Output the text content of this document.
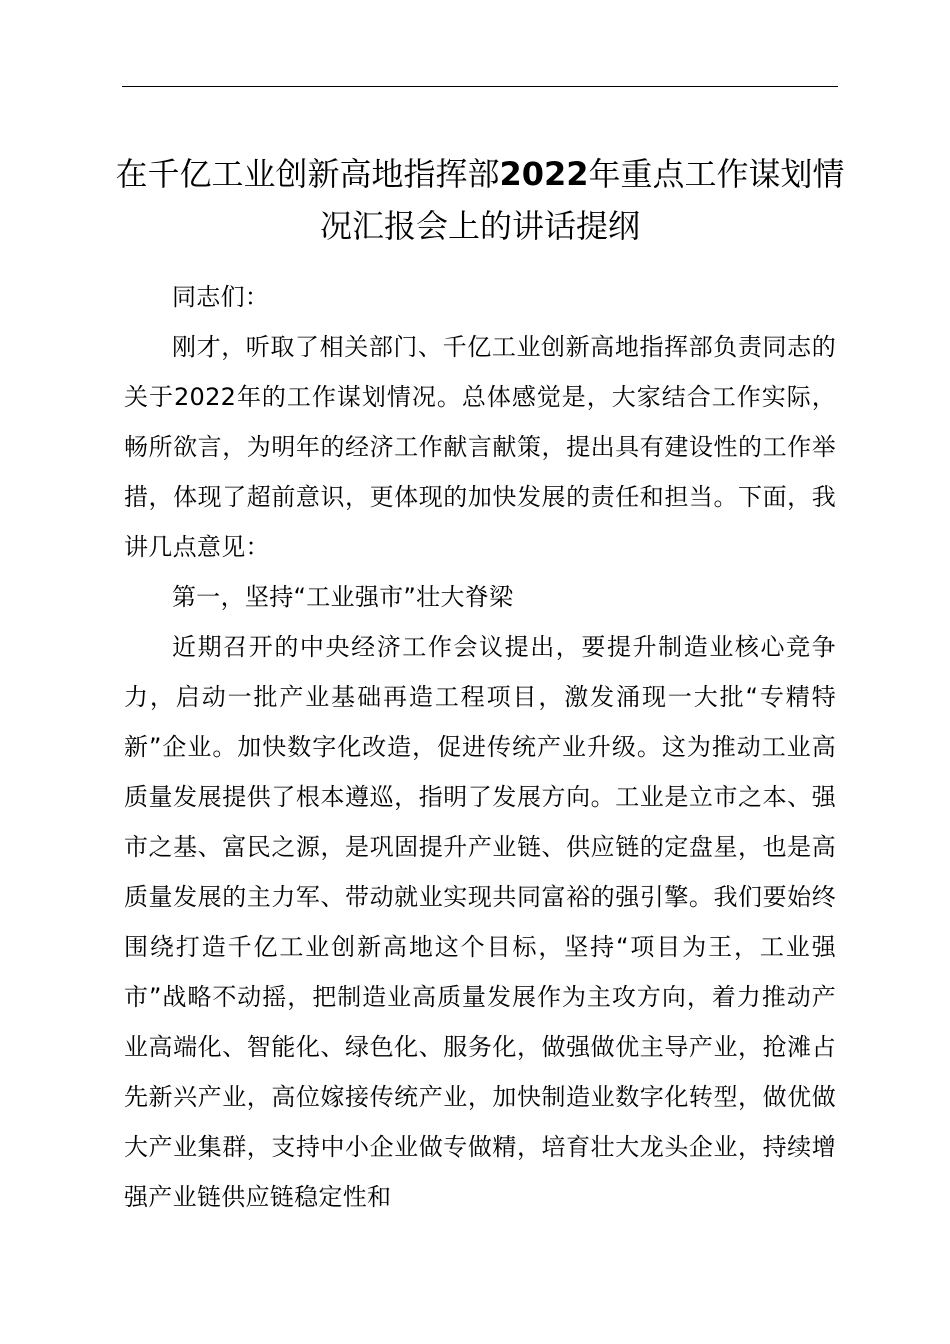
在千亿工业创新高地指挥部2022年重点工作谋划情况汇报会上的讲话提纲

同志们：

刚才，听取了相关部门、千亿工业创新高地指挥部负责同志的关于2022年的工作谋划情况。总体感觉是，大家结合工作实际，畅所欲言，为明年的经济工作献言献策，提出具有建设性的工作举措，体现了超前意识，更体现的加快发展的责任和担当。下面，我讲几点意见：

第一，坚持“工业强市”壮大脊梁

近期召开的中央经济工作会议提出，要提升制造业核心竞争力，启动一批产业基础再造工程项目，激发涌现一大批“专精特新”企业。加快数字化改造，促进传统产业升级。这为推动工业高质量发展提供了根本遵巡，指明了发展方向。工业是立市之本、强市之基、富民之源，是巩固提升产业链、供应链的定盘星，也是高质量发展的主力军、带动就业实现共同富裕的强引擎。我们要始终围绕打造千亿工业创新高地这个目标，坚持“项目为王，工业强市”战略不动摇，把制造业高质量发展作为主攻方向，着力推动产业高端化、智能化、绿色化、服务化，做强做优主导产业，抢滩占先新兴产业，高位嫁接传统产业，加快制造业数字化转型，做优做大产业集群，支持中小企业做专做精，培育壮大龙头企业，持续增强产业链供应链稳定性和
